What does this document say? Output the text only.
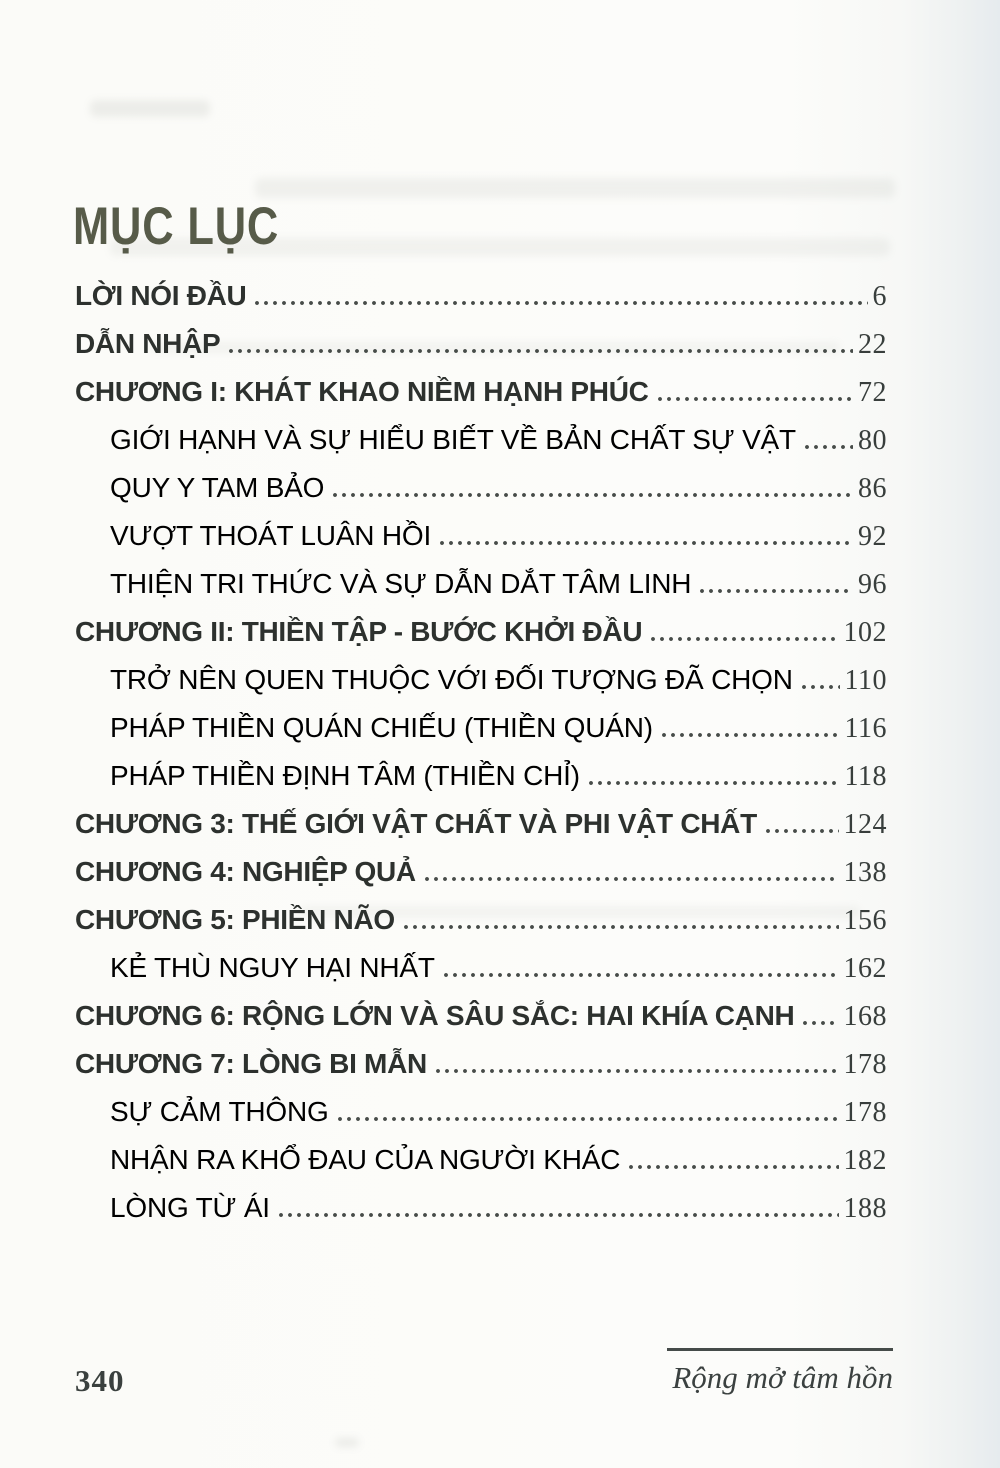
MỤC LỤC
LỜI NÓI ĐẦU	6
DẪN NHẬP	22
CHƯƠNG I: KHÁT KHAO NIỀM HẠNH PHÚC	72
GIỚI HẠNH VÀ SỰ HIỂU BIẾT VỀ BẢN CHẤT SỰ VẬT 80
QUY Y TAM BẢO	86
VƯỢT THOÁT LUÂN HỒI	92
THIỆN TRI THỨC VÀ SỰ DẪN DẮT TÂM LINH	96
CHƯƠNG II: THIỀN TẬP - BƯỚC KHỞI ĐẦU	102
TRỞ NÊN QUEN THUỘC VỚI ĐỐI TƯỢNG ĐÃ CHỌN 110
PHÁP THIỀN QUÁN CHIẾU (THIỀN QUÁN)	116
PHÁP THIỀN ĐỊNH TÂM (THIỀN CHỈ)	118
CHƯƠNG 3: THẾ GIỚI VẬT CHẤT VÀ PHI VẬT CHẤT	124
CHƯƠNG 4: NGHIỆP QUẢ	138
CHƯƠNG 5: PHIỀN NÃO	156
KẺ THÙ NGUY HẠI NHẤT	162
CHƯƠNG 6: RỘNG LỚN VÀ SÂU SẮC: HAI KHÍA CẠNH 168
CHƯƠNG 7: LÒNG BI MẪN	178
SỰ CẢM THÔNG	178
NHẬN RA KHỔ ĐAU CỦA NGƯỜI KHÁC	182
LÒNG TỪ ÁI	188
340	Rộng mở tâm hồn
